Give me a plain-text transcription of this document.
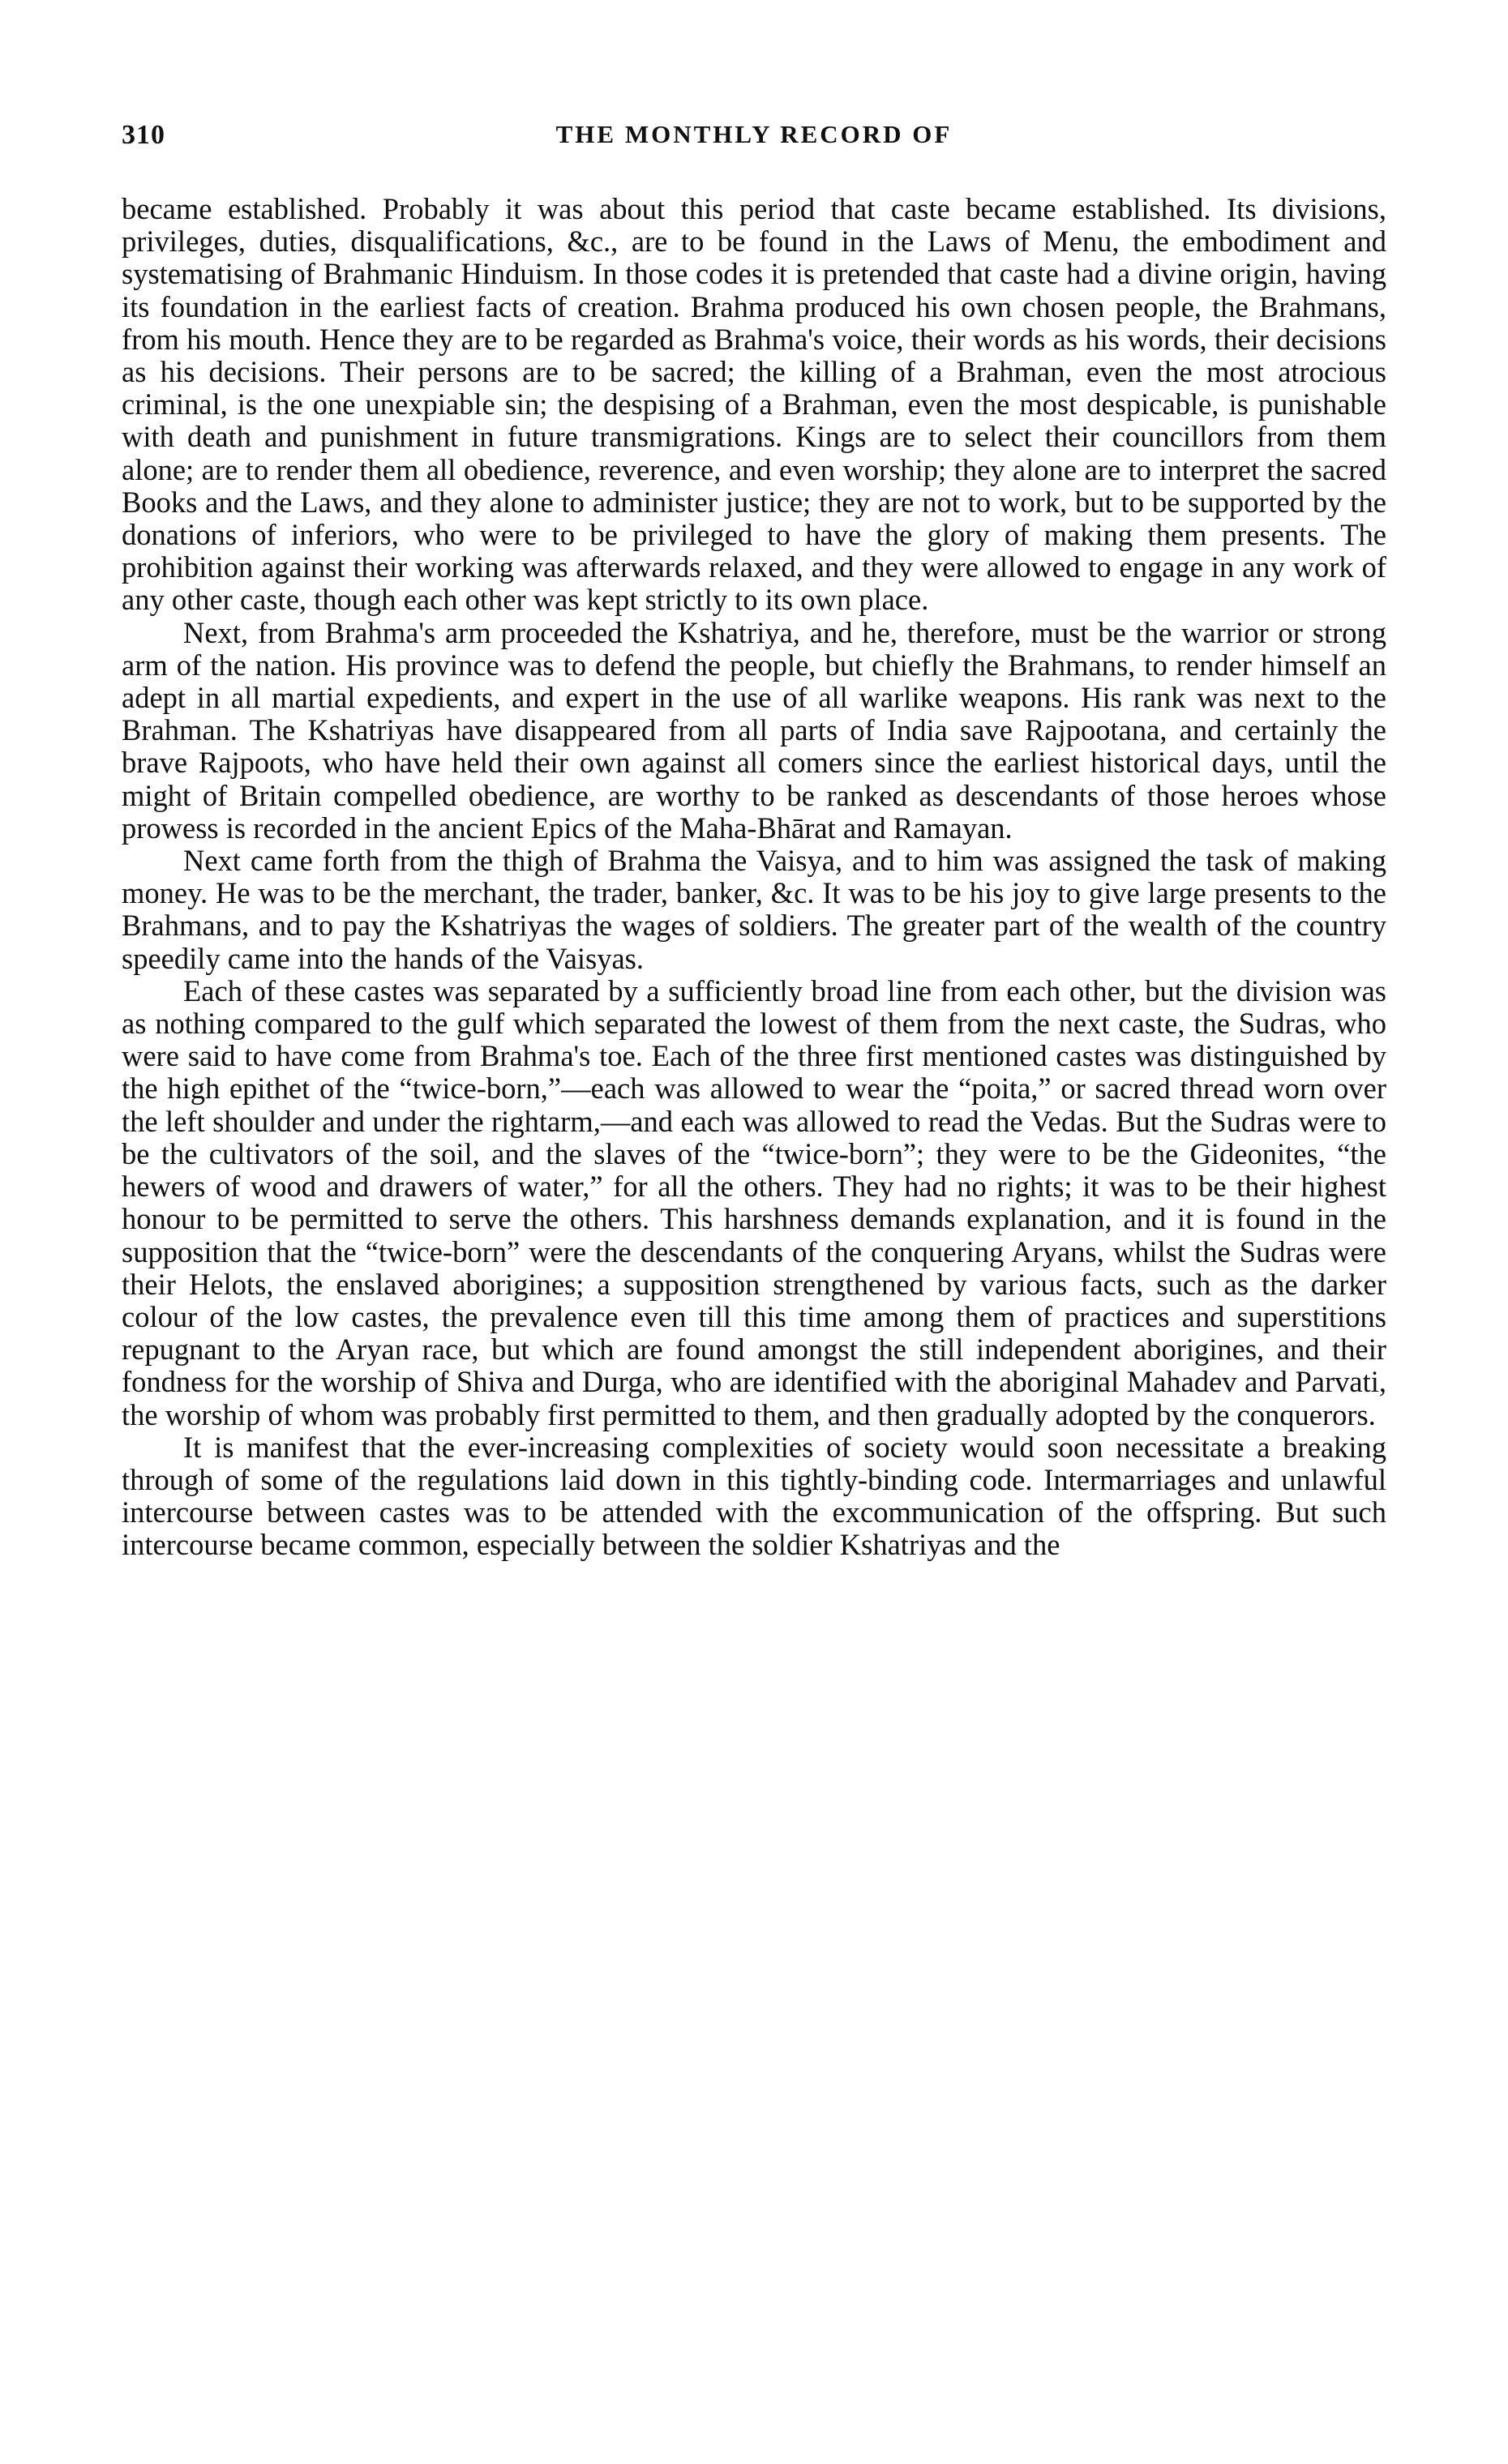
310	THE MONTHLY RECORD OF

became established. Probably it was about this period that caste became established. Its divisions, privileges, duties, disqualifications, &c., are to be found in the Laws of Menu, the embodiment and systematising of Brahmanic Hinduism. In those codes it is pretended that caste had a divine origin, having its foundation in the earliest facts of creation. Brahma produced his own chosen people, the Brahmans, from his mouth. Hence they are to be regarded as Brahma's voice, their words as his words, their decisions as his decisions. Their persons are to be sacred; the killing of a Brahman, even the most atrocious criminal, is the one unexpiable sin; the despising of a Brahman, even the most despicable, is punishable with death and punishment in future transmigrations. Kings are to select their councillors from them alone; are to render them all obedience, reverence, and even worship; they alone are to interpret the sacred Books and the Laws, and they alone to administer justice; they are not to work, but to be supported by the donations of inferiors, who were to be privileged to have the glory of making them presents. The prohibition against their working was afterwards relaxed, and they were allowed to engage in any work of any other caste, though each other was kept strictly to its own place.

Next, from Brahma's arm proceeded the Kshatriya, and he, therefore, must be the warrior or strong arm of the nation. His province was to defend the people, but chiefly the Brahmans, to render himself an adept in all martial expedients, and expert in the use of all warlike weapons. His rank was next to the Brahman. The Kshatriyas have disappeared from all parts of India save Rajpootana, and certainly the brave Rajpoots, who have held their own against all comers since the earliest historical days, until the might of Britain compelled obedience, are worthy to be ranked as descendants of those heroes whose prowess is recorded in the ancient Epics of the Maha-Bhārat and Ramayan.

Next came forth from the thigh of Brahma the Vaisya, and to him was assigned the task of making money. He was to be the merchant, the trader, banker, &c. It was to be his joy to give large presents to the Brahmans, and to pay the Kshatriyas the wages of soldiers. The greater part of the wealth of the country speedily came into the hands of the Vaisyas.

Each of these castes was separated by a sufficiently broad line from each other, but the division was as nothing compared to the gulf which separated the lowest of them from the next caste, the Sudras, who were said to have come from Brahma's toe. Each of the three first mentioned castes was distinguished by the high epithet of the “twice-born,”—each was allowed to wear the “poita,” or sacred thread worn over the left shoulder and under the rightarm,—and each was allowed to read the Vedas. But the Sudras were to be the cultivators of the soil, and the slaves of the “twice-born”; they were to be the Gideonites, “the hewers of wood and drawers of water,” for all the others. They had no rights; it was to be their highest honour to be permitted to serve the others. This harshness demands explanation, and it is found in the supposition that the “twice-born” were the descendants of the conquering Aryans, whilst the Sudras were their Helots, the enslaved aborigines; a supposition strengthened by various facts, such as the darker colour of the low castes, the prevalence even till this time among them of practices and superstitions repugnant to the Aryan race, but which are found amongst the still independent aborigines, and their fondness for the worship of Shiva and Durga, who are identified with the aboriginal Mahadev and Parvati, the worship of whom was probably first permitted to them, and then gradually adopted by the conquerors.

It is manifest that the ever-increasing complexities of society would soon necessitate a breaking through of some of the regulations laid down in this tightly-binding code. Intermarriages and unlawful intercourse between castes was to be attended with the excommunication of the offspring. But such intercourse became common, especially between the soldier Kshatriyas and the
